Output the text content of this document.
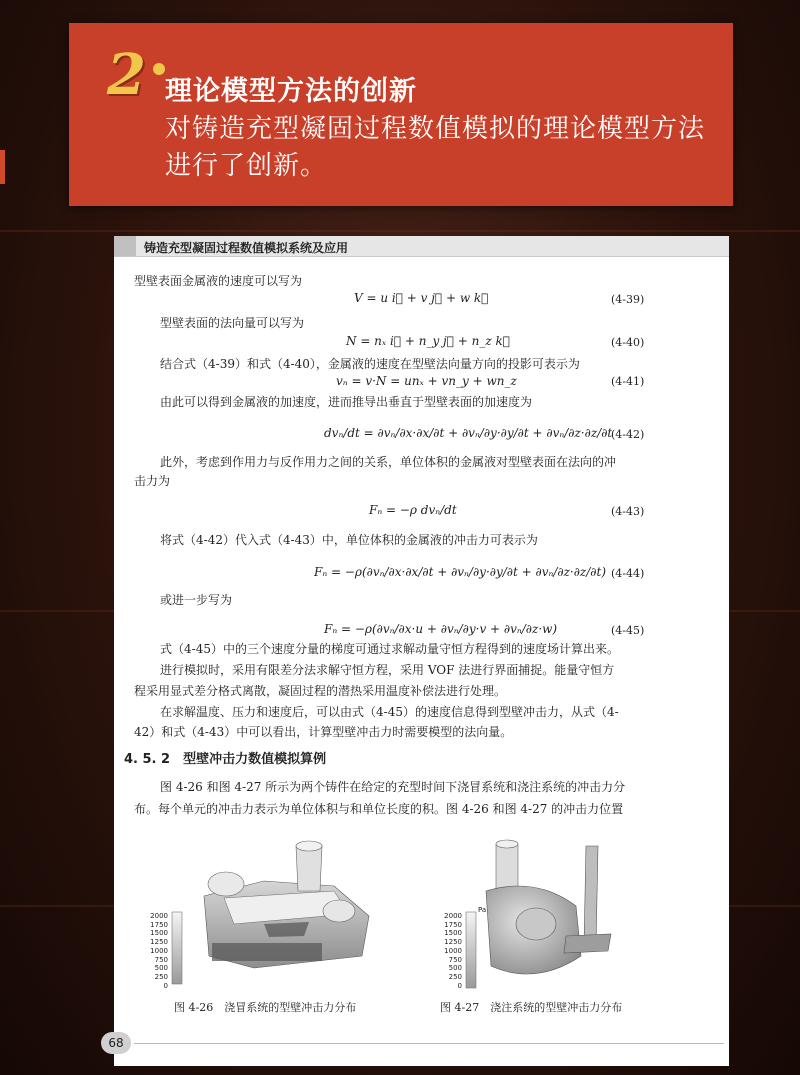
2 理论模型方法的创新
对铸造充型凝固过程数值模拟的理论模型方法进行了创新。
铸造充型凝固过程数值模拟系统及应用
型壁表面金属液的速度可以写为
V = u i⃗ + v j⃗ + w k⃗	(4-39)
型壁表面的法向量可以写为
N = nₓ i⃗ + n_y j⃗ + n_z k⃗	(4-40)
结合式（4-39）和式（4-40），金属液的速度在型壁法向量方向的投影可表示为
vₙ = v·N = unₓ + vn_y + wn_z	(4-41)
由此可以得到金属液的加速度，进而推导出垂直于型壁表面的加速度为
dvₙ/dt = ∂vₙ/∂x·∂x/∂t + ∂vₙ/∂y·∂y/∂t + ∂vₙ/∂z·∂z/∂t
(4-42)
此外，考虑到作用力与反作用力之间的关系，单位体积的金属液对型壁表面在法向的冲
击力为
Fₙ = −ρ dvₙ/dt	(4-43)
将式（4-42）代入式（4-43）中，单位体积的金属液的冲击力可表示为
Fₙ = −ρ(∂vₙ/∂x·∂x/∂t + ∂vₙ/∂y·∂y/∂t + ∂vₙ/∂z·∂z/∂t) (4-44)
或进一步写为
Fₙ = −ρ(∂vₙ/∂x·u + ∂vₙ/∂y·v + ∂vₙ/∂z·w)	(4-45)
式（4-45）中的三个速度分量的梯度可通过求解动量守恒方程得到的速度场计算出来。
进行模拟时，采用有限差分法求解守恒方程，采用 VOF 法进行界面捕捉。能量守恒方
程采用显式差分格式离散，凝固过程的潜热采用温度补偿法进行处理。
在求解温度、压力和速度后，可以由式（4-45）的速度信息得到型壁冲击力，从式（4-
42）和式（4-43）中可以看出，计算型壁冲击力时需要模型的法向量。
4. 5. 2　型壁冲击力数值模拟算例
图 4-26 和图 4-27 所示为两个铸件在给定的充型时间下浇冒系统和浇注系统的冲击力分
布。每个单元的冲击力表示为单位体积与和单位长度的积。图 4-26 和图 4-27 的冲击力位置
2000
1750
1500
1250
1000
750
500
250
0
图 4-26　浇冒系统的型壁冲击力分布
2000
1750
1500
1250
1000
750
500
250
0
Pa
图 4-27　浇注系统的型壁冲击力分布
68
